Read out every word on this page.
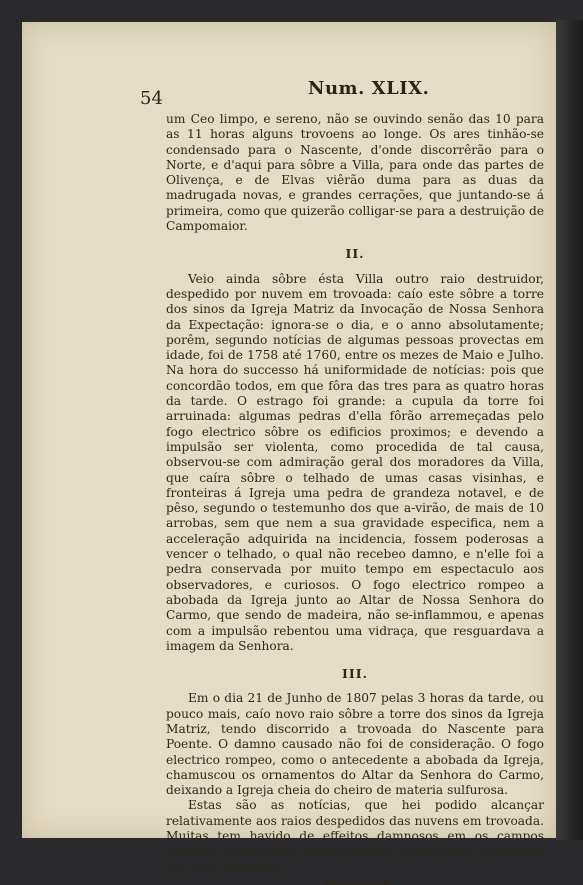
54	Num. XLIX.

um Ceo limpo, e sereno, não se ouvindo senão das 10 para as 11 horas alguns trovoens ao longe. Os ares tinhão-se condensado para o Nascente, d'onde discorrêrão para o Norte, e d'aqui para sôbre a Villa, para onde das partes de Olivença, e de Elvas viêrão duma para as duas da madrugada novas, e grandes cerrações, que juntando-se á primeira, como que quizerão colligar-se para a destruição de Campomaior.

II.

Veio ainda sôbre ésta Villa outro raio destruidor, despedido por nuvem em trovoada: caío este sôbre a torre dos sinos da Igreja Matriz da Invocação de Nossa Senhora da Expectação: ignora-se o dia, e o anno absolutamente; porêm, segundo notícias de algumas pessoas provectas em idade, foi de 1758 até 1760, entre os mezes de Maio e Julho. Na hora do successo há uniformidade de notícias: pois que concordão todos, em que fôra das tres para as quatro horas da tarde. O estrago foi grande: a cupula da torre foi arruinada: algumas pedras d'ella fôrão arremeçadas pelo fogo electrico sôbre os edificios proximos; e devendo a impulsão ser violenta, como procedida de tal causa, observou-se com admiração geral dos moradores da Villa, que caíra sôbre o telhado de umas casas visinhas, e fronteiras á Igreja uma pedra de grandeza notavel, e de pêso, segundo o testemunho dos que a-virão, de mais de 10 arrobas, sem que nem a sua gravidade especifica, nem a acceleração adquirida na incidencia, fossem poderosas a vencer o telhado, o qual não recebeo damno, e n'elle foi a pedra conservada por muito tempo em espectaculo aos observadores, e curiosos. O fogo electrico rompeo a abobada da Igreja junto ao Altar de Nossa Senhora do Carmo, que sendo de madeira, não se-inflammou, e apenas com a impulsão rebentou uma vidraça, que resguardava a imagem da Senhora.

III.

Em o dia 21 de Junho de 1807 pelas 3 horas da tarde, ou pouco mais, caío novo raio sôbre a torre dos sinos da Igreja Matriz, tendo discorrido a trovoada do Nascente para Poente. O damno causado não foi de consideração. O fogo electrico rompeo, como o antecedente a abobada da Igreja, chamuscou os ornamentos do Altar da Senhora do Carmo, deixando a Igreja cheia do cheiro de materia sulfurosa.

Estas são as notícias, que hei podido alcançar relativamente aos raios despedidos das nuvens em trovoada. Muitas tem havido de effeitos damnosos em os campos visinhos a ésta Villa; porêm passão, e com ellas a memoria dos seus estragos.
